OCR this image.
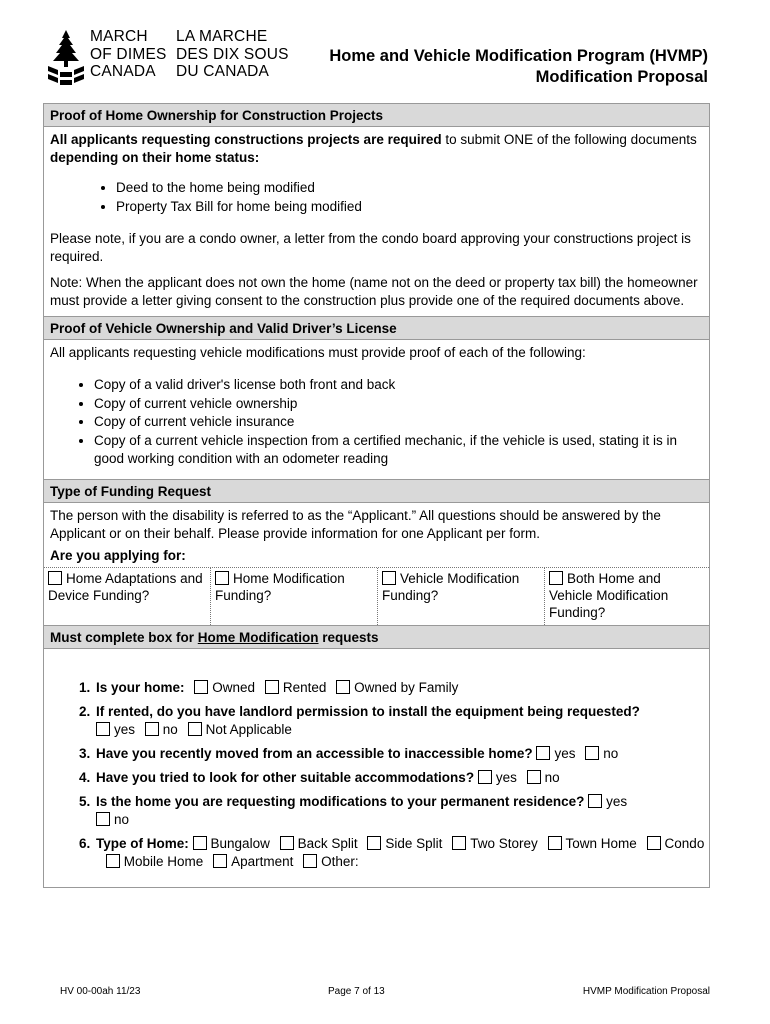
MARCH
OF DIMES
CANADA
LA MARCHE
DES DIX SOUS
DU CANADA
Home and Vehicle Modification Program (HVMP)
Modification Proposal
Proof of Home Ownership for Construction Projects

All applicants requesting constructions projects are required to submit ONE of the following documents depending on their home status:

• Deed to the home being modified
• Property Tax Bill for home being modified

Please note, if you are a condo owner, a letter from the condo board approving your constructions project is required.

Note: When the applicant does not own the home (name not on the deed or property tax bill) the homeowner must provide a letter giving consent to the construction plus provide one of the required documents above.

Proof of Vehicle Ownership and Valid Driver’s License
All applicants requesting vehicle modifications must provide proof of each of the following:
• Copy of a valid driver's license both front and back
• Copy of current vehicle ownership
• Copy of current vehicle insurance
• Copy of a current vehicle inspection from a certified mechanic, if the vehicle is used, stating it is in good working condition with an odometer reading
Type of Funding Request

The person with the disability is referred to as the “Applicant.” All questions should be answered by the Applicant or on their behalf. Please provide information for one Applicant per form.

Are you applying for:
Home Adaptations and Device Funding?
Home Modification Funding?
Vehicle Modification Funding?
Both Home and Vehicle Modification Funding?
Must complete box for Home Modification requests
1. Is your home: Owned Rented Owned by Family
2. If rented, do you have landlord permission to install the equipment being requested?
yes no Not Applicable
3. Have you recently moved from an accessible to inaccessible home? yes no
4. Have you tried to look for other suitable accommodations? yes no
5. Is the home you are requesting modifications to your permanent residence? yes
no
6. Type of Home: Bungalow Back Split Side Split Two Storey Town Home Condo Mobile Home Apartment Other:
HV 00-00ah 11/23	Page 7 of 13	HVMP Modification Proposal
